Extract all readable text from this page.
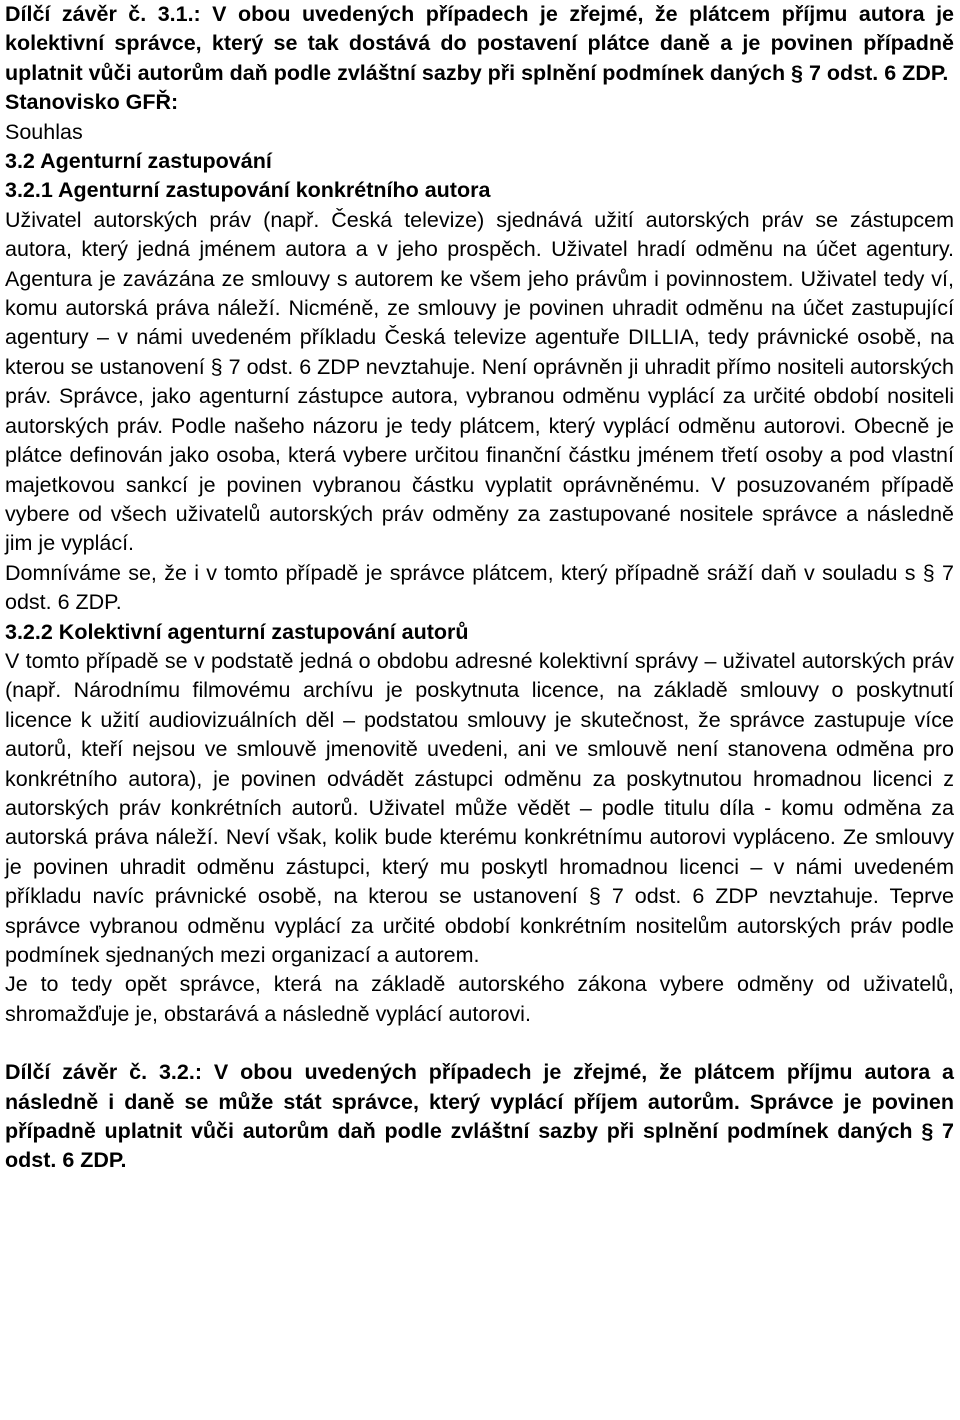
Dílčí závěr č. 3.1.: V obou uvedených případech je zřejmé, že plátcem příjmu autora je kolektivní správce, který se tak dostává do postavení plátce daně a je povinen případně uplatnit vůči autorům daň podle zvláštní sazby při splnění podmínek daných § 7 odst. 6 ZDP.

Stanovisko GFŘ:

Souhlas

3.2 Agenturní zastupování

3.2.1 Agenturní zastupování konkrétního autora

Uživatel autorských práv (např. Česká televize) sjednává užití autorských práv se zástupcem autora, který jedná jménem autora a v jeho prospěch. Uživatel hradí odměnu na účet agentury. Agentura je zavázána ze smlouvy s autorem ke všem jeho právům i povinnostem. Uživatel tedy ví, komu autorská práva náleží. Nicméně, ze smlouvy je povinen uhradit odměnu na účet zastupující agentury – v námi uvedeném příkladu Česká televize agentuře DILLIA, tedy právnické osobě, na kterou se ustanovení § 7 odst. 6 ZDP nevztahuje. Není oprávněn ji uhradit přímo nositeli autorských práv. Správce, jako agenturní zástupce autora, vybranou odměnu vyplácí za určité období nositeli autorských práv. Podle našeho názoru je tedy plátcem, který vyplácí odměnu autorovi. Obecně je plátce definován jako osoba, která vybere určitou finanční částku jménem třetí osoby a pod vlastní majetkovou sankcí je povinen vybranou částku vyplatit oprávněnému. V posuzovaném případě vybere od všech uživatelů autorských práv odměny za zastupované nositele správce a následně jim je vyplácí.

Domníváme se, že i v tomto případě je správce plátcem, který případně sráží daň v souladu s § 7 odst. 6 ZDP.

3.2.2 Kolektivní agenturní zastupování autorů

V tomto případě se v podstatě jedná o obdobu adresné kolektivní správy – uživatel autorských práv (např. Národnímu filmovému archívu je poskytnuta licence, na základě smlouvy o poskytnutí licence k užití audiovizuálních děl – podstatou smlouvy je skutečnost, že správce zastupuje více autorů, kteří nejsou ve smlouvě jmenovitě uvedeni, ani ve smlouvě není stanovena odměna pro konkrétního autora), je povinen odvádět zástupci odměnu za poskytnutou hromadnou licenci z autorských práv konkrétních autorů. Uživatel může vědět – podle titulu díla - komu odměna za autorská práva náleží. Neví však, kolik bude kterému konkrétnímu autorovi vypláceno. Ze smlouvy je povinen uhradit odměnu zástupci, který mu poskytl hromadnou licenci – v námi uvedeném příkladu navíc právnické osobě, na kterou se ustanovení § 7 odst. 6 ZDP nevztahuje. Teprve správce vybranou odměnu vyplácí za určité období konkrétním nositelům autorských práv podle podmínek sjednaných mezi organizací a autorem.

Je to tedy opět správce, která na základě autorského zákona vybere odměny od uživatelů, shromažďuje je, obstarává a následně vyplácí autorovi.

Dílčí závěr č. 3.2.: V obou uvedených případech je zřejmé, že plátcem příjmu autora a následně i daně se může stát správce, který vyplácí příjem autorům. Správce je povinen případně uplatnit vůči autorům daň podle zvláštní sazby při splnění podmínek daných § 7 odst. 6 ZDP.
